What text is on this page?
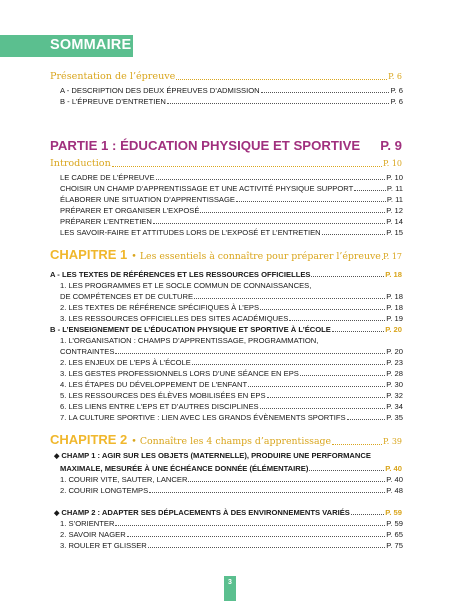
SOMMAIRE
Présentation de l’épreuve	P. 6
A - DESCRIPTION DES DEUX ÉPREUVES D’ADMISSION	P. 6
B - L’ÉPREUVE D’ENTRETIEN	P. 6
PARTIE 1 : ÉDUCATION PHYSIQUE ET SPORTIVE P. 9
Introduction	P. 10
LE CADRE DE L’ÉPREUVE	P. 10
CHOISIR UN CHAMP D’APPRENTISSAGE ET UNE ACTIVITÉ PHYSIQUE SUPPORT	P. 11
ÉLABORER UNE SITUATION D’APPRENTISSAGE	P. 11
PRÉPARER ET ORGANISER L’EXPOSÉ	P. 12
PRÉPARER L’ENTRETIEN	P. 14
LES SAVOIR-FAIRE ET ATTITUDES LORS DE L’EXPOSÉ ET L’ENTRETIEN	P. 15
CHAPITRE 1 • Les essentiels à connaître pour préparer l’épreuve P. 17
A - LES TEXTES DE RÉFÉRENCES ET LES RESSOURCES OFFICIELLES	P. 18
1. LES PROGRAMMES ET LE SOCLE COMMUN DE CONNAISSANCES,
DE COMPÉTENCES ET DE CULTURE	P. 18
2. LES TEXTES DE RÉFÉRENCE SPÉCIFIQUES À L’EPS	P. 18
3. LES RESSOURCES OFFICIELLES DES SITES ACADÉMIQUES	P. 19
B - L’ENSEIGNEMENT DE L’ÉDUCATION PHYSIQUE ET SPORTIVE À L’ÉCOLE	P. 20
1. L’ORGANISATION : CHAMPS D’APPRENTISSAGE, PROGRAMMATION,
CONTRAINTES	P. 20
2. LES ENJEUX DE L’EPS À L’ÉCOLE	P. 23
3. LES GESTES PROFESSIONNELS LORS D’UNE SÉANCE EN EPS	P. 28
4. LES ÉTAPES DU DÉVELOPPEMENT DE L’ENFANT	P. 30
5. LES RESSOURCES DES ÉLÈVES MOBILISÉES EN EPS	P. 32
6. LES LIENS ENTRE L’EPS ET D’AUTRES DISCIPLINES	P. 34
7. LA CULTURE SPORTIVE : LIEN AVEC LES GRANDS ÉVÈNEMENTS SPORTIFS	P. 35
CHAPITRE 2 • Connaître les 4 champs d’apprentissage	P. 39
◆ CHAMP 1 : AGIR SUR LES OBJETS (MATERNELLE), PRODUIRE UNE PERFORMANCE
MAXIMALE, MESURÉE À UNE ÉCHÉANCE DONNÉE (ÉLÉMENTAIRE)	P. 40
1. COURIR VITE, SAUTER, LANCER	P. 40
2. COURIR LONGTEMPS	P. 48
◆ CHAMP 2 : ADAPTER SES DÉPLACEMENTS À DES ENVIRONNEMENTS VARIÉS	P. 59
1. S’ORIENTER	P. 59
2. SAVOIR NAGER	P. 65
3. ROULER ET GLISSER	P. 75
3
